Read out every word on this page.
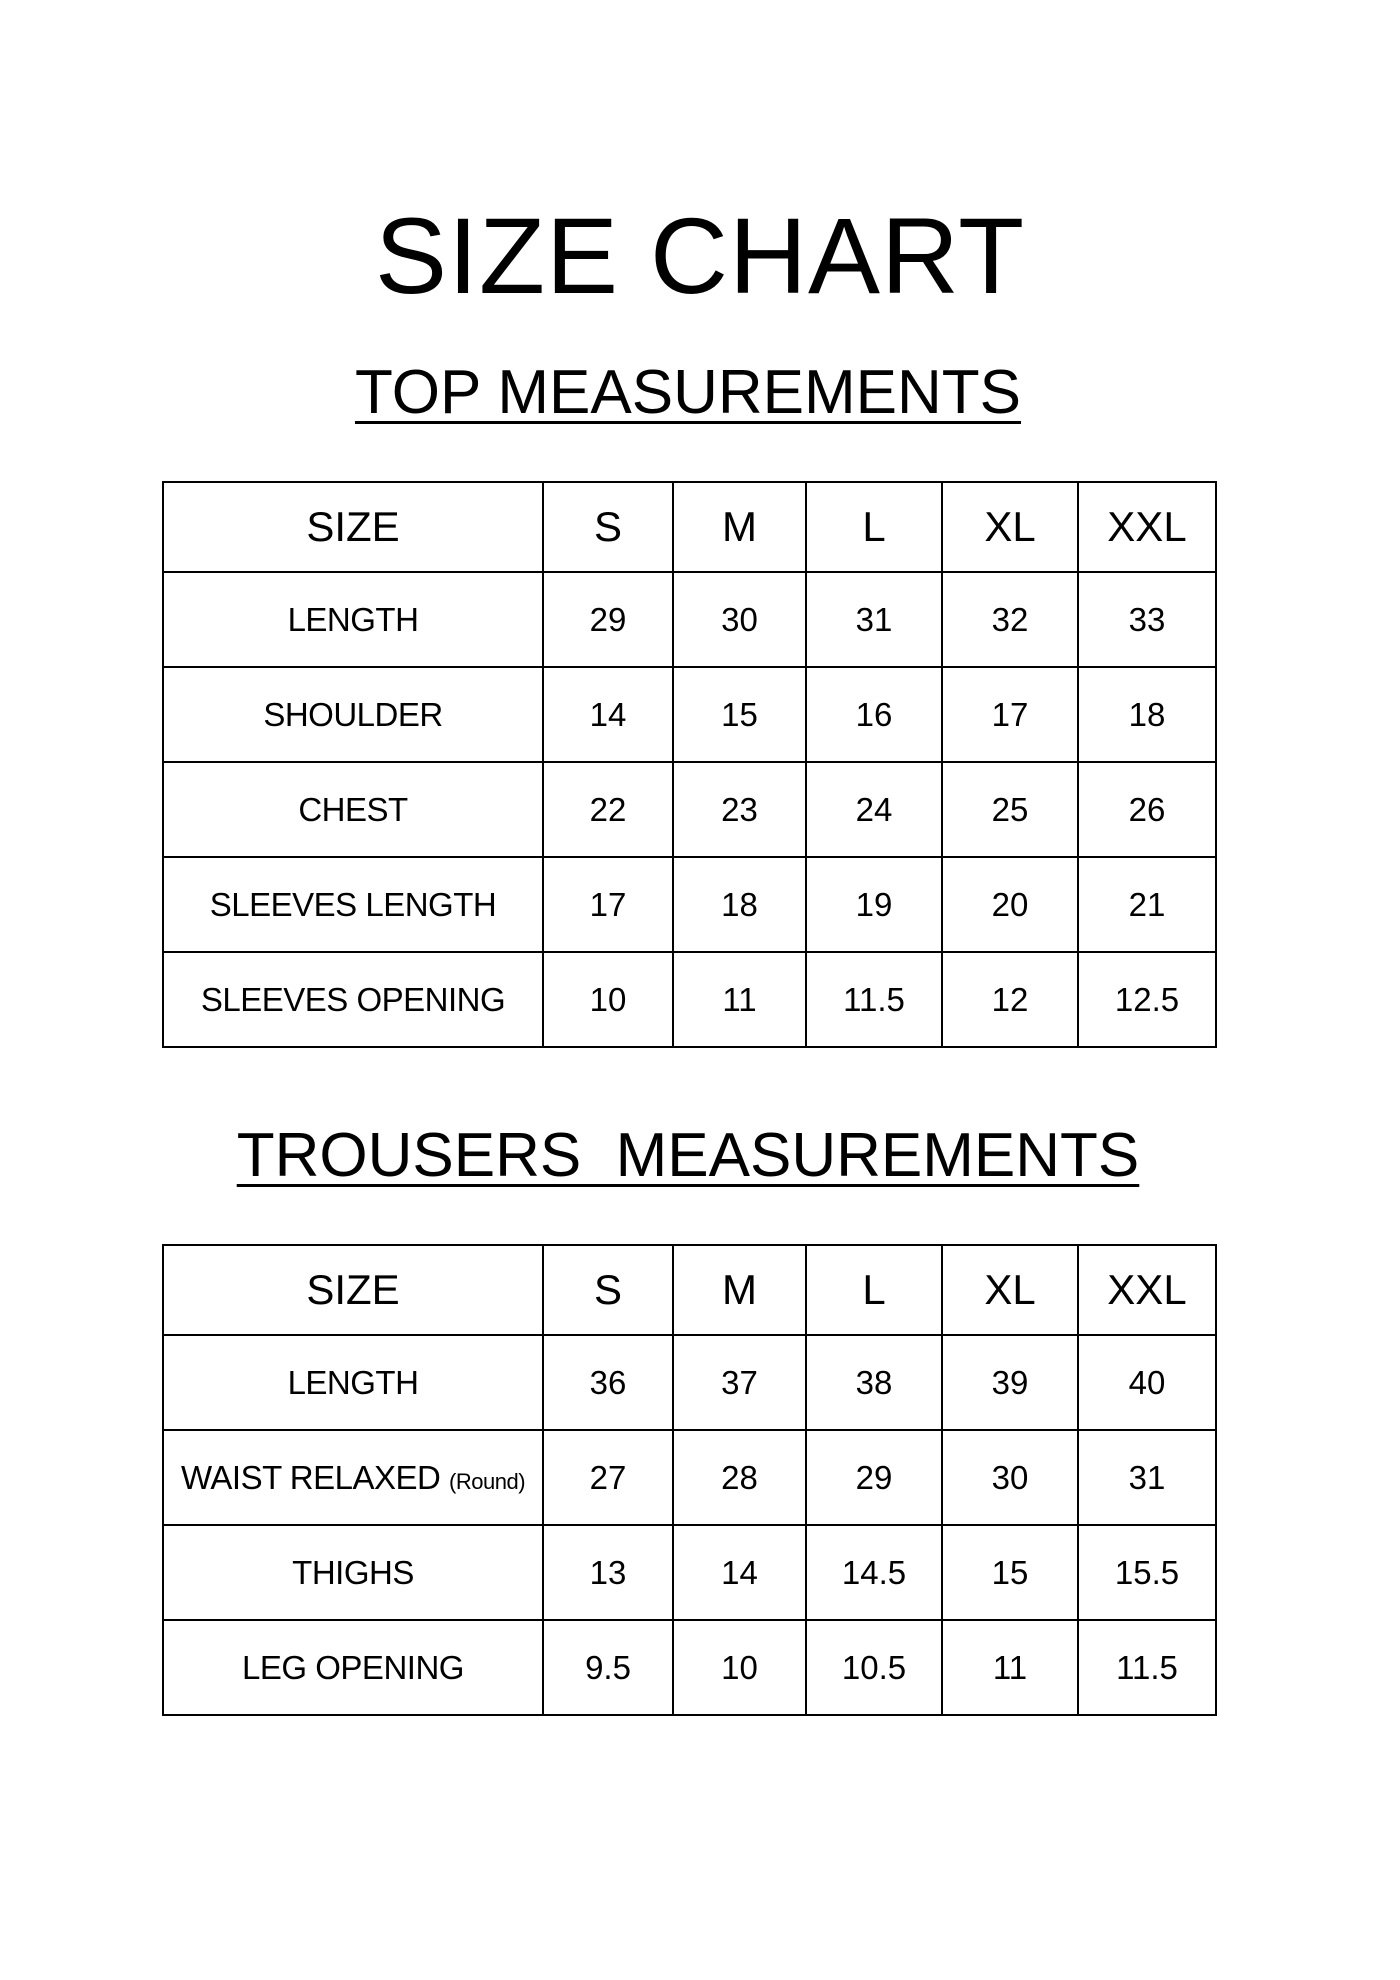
SIZE CHART
TOP MEASUREMENTS
SIZE	S	M	L	XL	XXL
LENGTH	29	30	31	32	33
SHOULDER	14	15	16	17	18
CHEST	22	23	24	25	26
SLEEVES LENGTH	17	18	19	20	21
SLEEVES OPENING	10	11	11.5	12	12.5
TROUSERS  MEASUREMENTS
SIZE	S	M	L	XL	XXL
LENGTH	36	37	38	39	40
WAIST RELAXED (Round)	27	28	29	30	31
THIGHS	13	14	14.5	15	15.5
LEG OPENING	9.5	10	10.5	11	11.5
